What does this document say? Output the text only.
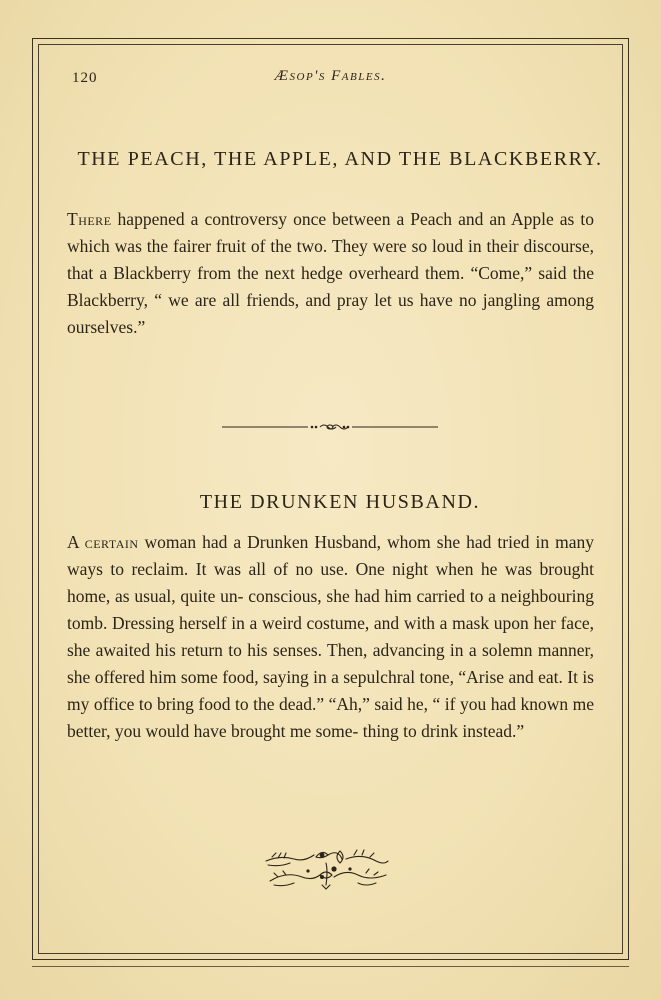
120	Æsop's Fables.
THE PEACH, THE APPLE, AND THE BLACKBERRY.

There happened a controversy once between a Peach and an Apple as to which was the fairer fruit of the two. They were so loud in their discourse, that a Blackberry from the next hedge overheard them. “Come,” said the Blackberry, “ we are all friends, and pray let us have no jangling among ourselves.”

THE DRUNKEN HUSBAND.

A certain woman had a Drunken Husband, whom she had tried in many ways to reclaim. It was all of no use. One night when he was brought home, as usual, quite un- conscious, she had him carried to a neighbouring tomb. Dressing herself in a weird costume, and with a mask upon her face, she awaited his return to his senses. Then, advancing in a solemn manner, she offered him some food, saying in a sepulchral tone, “Arise and eat. It is my office to bring food to the dead.” “Ah,” said he, “ if you had known me better, you would have brought me some- thing to drink instead.”
